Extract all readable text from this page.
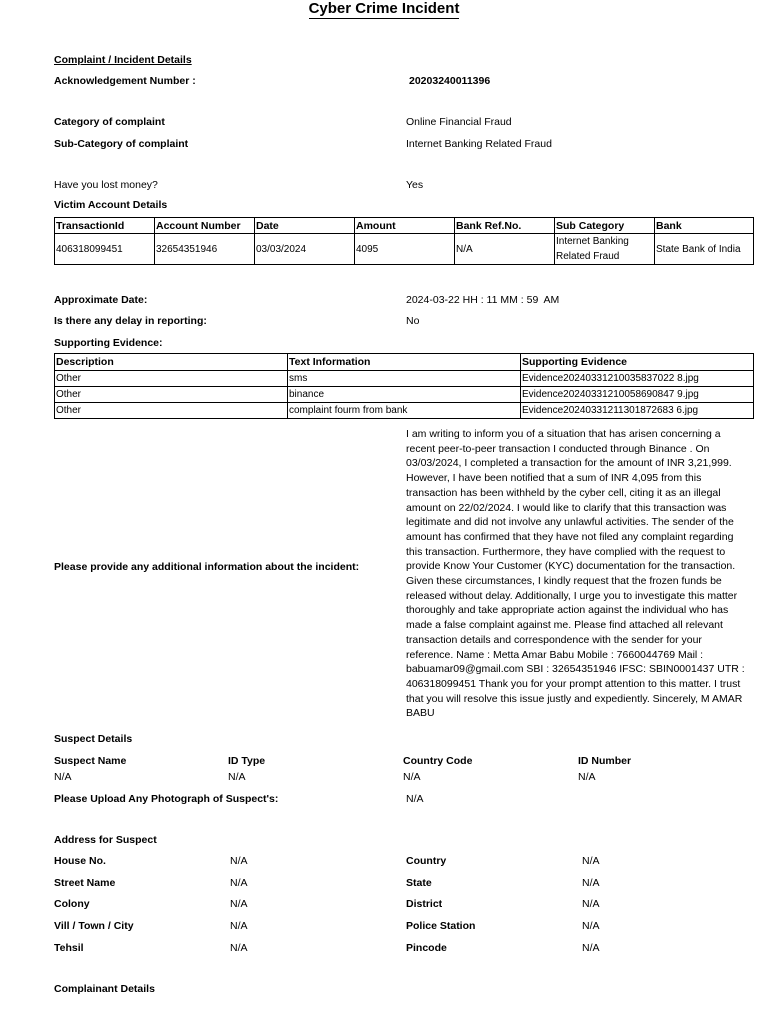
Cyber Crime Incident
Complaint / Incident Details
Acknowledgement Number :	20203240011396
Category of complaint	Online Financial Fraud
Sub-Category of complaint	Internet Banking Related Fraud
Have you lost money?	Yes
Victim Account Details
TransactionId	Account Number	Date	Amount	Bank Ref.No.	Sub Category	Bank
406318099451	32654351946	03/03/2024	4095	N/A	Internet Banking Related Fraud	State Bank of India
Approximate Date:	2024-03-22 HH : 11 MM : 59  AM
Is there any delay in reporting:	No
Supporting Evidence:
Description	Text Information	Supporting Evidence
Other	sms	Evidence20240331210035837022 8.jpg
Other	binance	Evidence20240331210058690847 9.jpg
Other	complaint fourm from bank	Evidence20240331211301872683 6.jpg
Please provide any additional information about the incident:
I am writing to inform you of a situation that has arisen concerning a recent peer-to-peer transaction I conducted through Binance . On 03/03/2024, I completed a transaction for the amount of INR 3,21,999. However, I have been notified that a sum of INR 4,095 from this transaction has been withheld by the cyber cell, citing it as an illegal amount on 22/02/2024. I would like to clarify that this transaction was legitimate and did not involve any unlawful activities. The sender of the amount has confirmed that they have not filed any complaint regarding this transaction. Furthermore, they have complied with the request to provide Know Your Customer (KYC) documentation for the transaction. Given these circumstances, I kindly request that the frozen funds be released without delay. Additionally, I urge you to investigate this matter thoroughly and take appropriate action against the individual who has made a false complaint against me. Please find attached all relevant transaction details and correspondence with the sender for your reference. Name : Metta Amar Babu Mobile : 7660044769 Mail : babuamar09@gmail.com SBI : 32654351946 IFSC: SBIN0001437 UTR : 406318099451 Thank you for your prompt attention to this matter. I trust that you will resolve this issue justly and expediently. Sincerely, M AMAR BABU
Suspect Details
Suspect Name	ID Type	Country Code	ID Number
N/A	N/A	N/A	N/A
Please Upload Any Photograph of Suspect's:	N/A
Address for Suspect
House No.	N/A	Country	N/A
Street Name	N/A	State	N/A
Colony	N/A	District	N/A
Vill / Town / City	N/A	Police Station	N/A
Tehsil	N/A	Pincode	N/A
Complainant Details
